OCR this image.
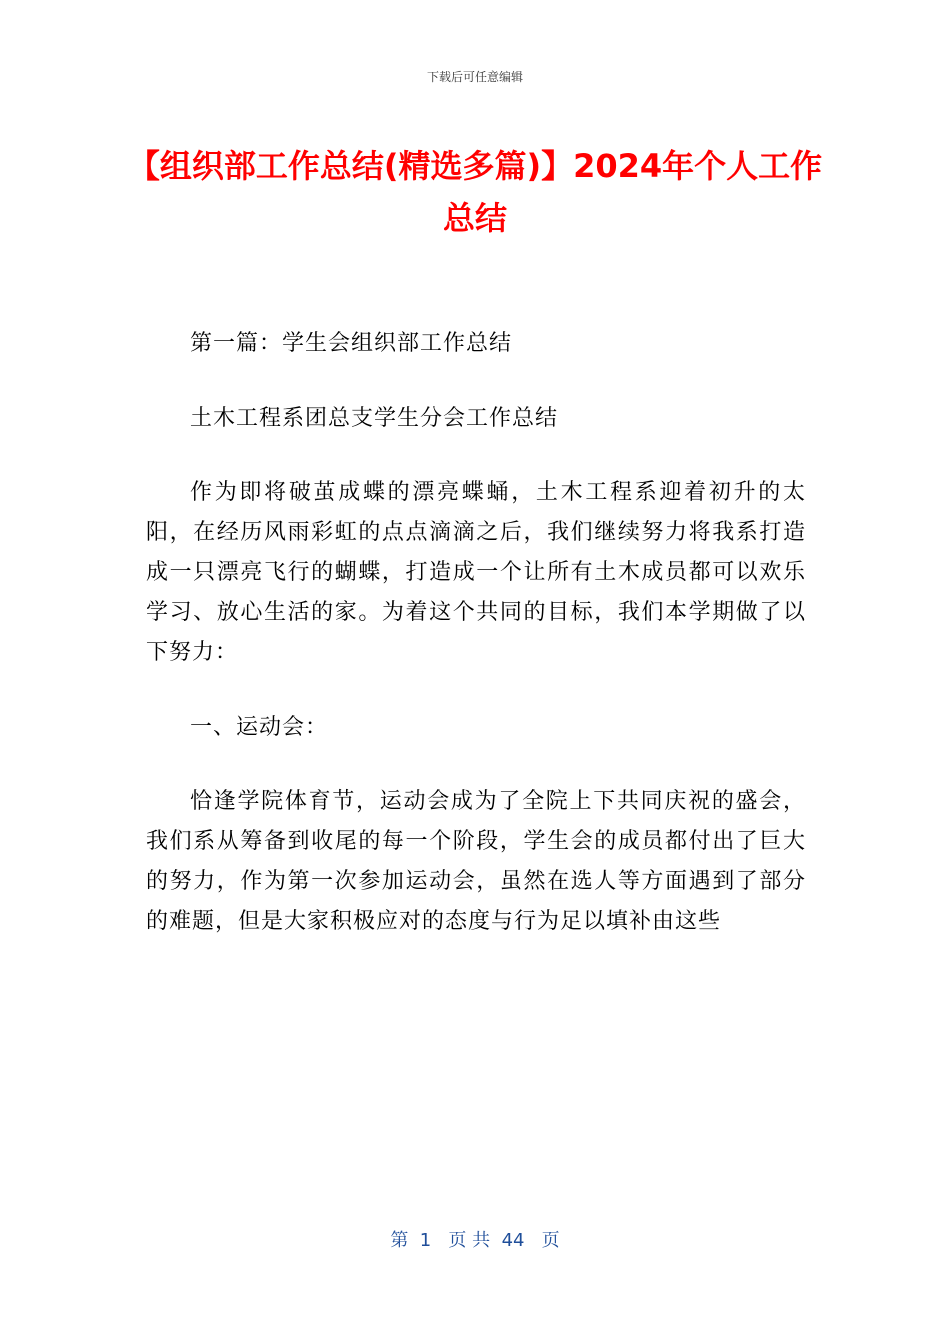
下载后可任意编辑
【组织部工作总结(精选多篇)】2024年个人工作总结

第一篇：学生会组织部工作总结

土木工程系团总支学生分会工作总结

作为即将破茧成蝶的漂亮蝶蛹，土木工程系迎着初升的太阳，在经历风雨彩虹的点点滴滴之后，我们继续努力将我系打造成一只漂亮飞行的蝴蝶，打造成一个让所有土木成员都可以欢乐学习、放心生活的家。为着这个共同的目标，我们本学期做了以下努力：

一、运动会：

恰逢学院体育节，运动会成为了全院上下共同庆祝的盛会，我们系从筹备到收尾的每一个阶段，学生会的成员都付出了巨大的努力，作为第一次参加运动会，虽然在选人等方面遇到了部分的难题，但是大家积极应对的态度与行为足以填补由这些

第  1   页 共  44   页
